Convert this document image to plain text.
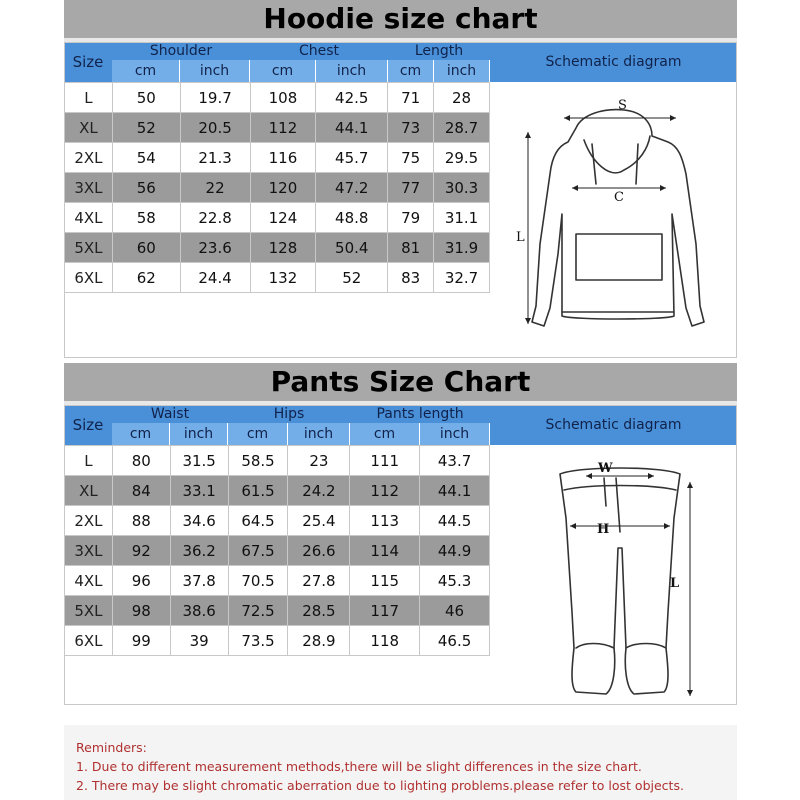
Hoodie size chart
Size
Shoulder	Chest	Length
cm	inch	cm	inch	cm	inch
Schematic diagram
L	50	19.7	108	42.5	71	28
XL	52	20.5	112	44.1	73	28.7
2XL	54	21.3	116	45.7	75	29.5
3XL	56	22	120	47.2	77	30.3
4XL	58	22.8	124	48.8	79	31.1
5XL	60	23.6	128	50.4	81	31.9
6XL	62	24.4	132	52	83	32.7
S
C
L
Pants Size Chart
Size
Waist	Hips	Pants length
cm	inch	cm	inch	cm	inch
Schematic diagram
L	80	31.5	58.5	23	111	43.7
XL	84	33.1	61.5	24.2	112	44.1
2XL	88	34.6	64.5	25.4	113	44.5
3XL	92	36.2	67.5	26.6	114	44.9
4XL	96	37.8	70.5	27.8	115	45.3
5XL	98	38.6	72.5	28.5	117	46
6XL	99	39	73.5	28.9	118	46.5
W
H
L
Reminders:
1. Due to different measurement methods,there will be slight differences in the size chart.
2. There may be slight chromatic aberration due to lighting problems.please refer to lost objects.
